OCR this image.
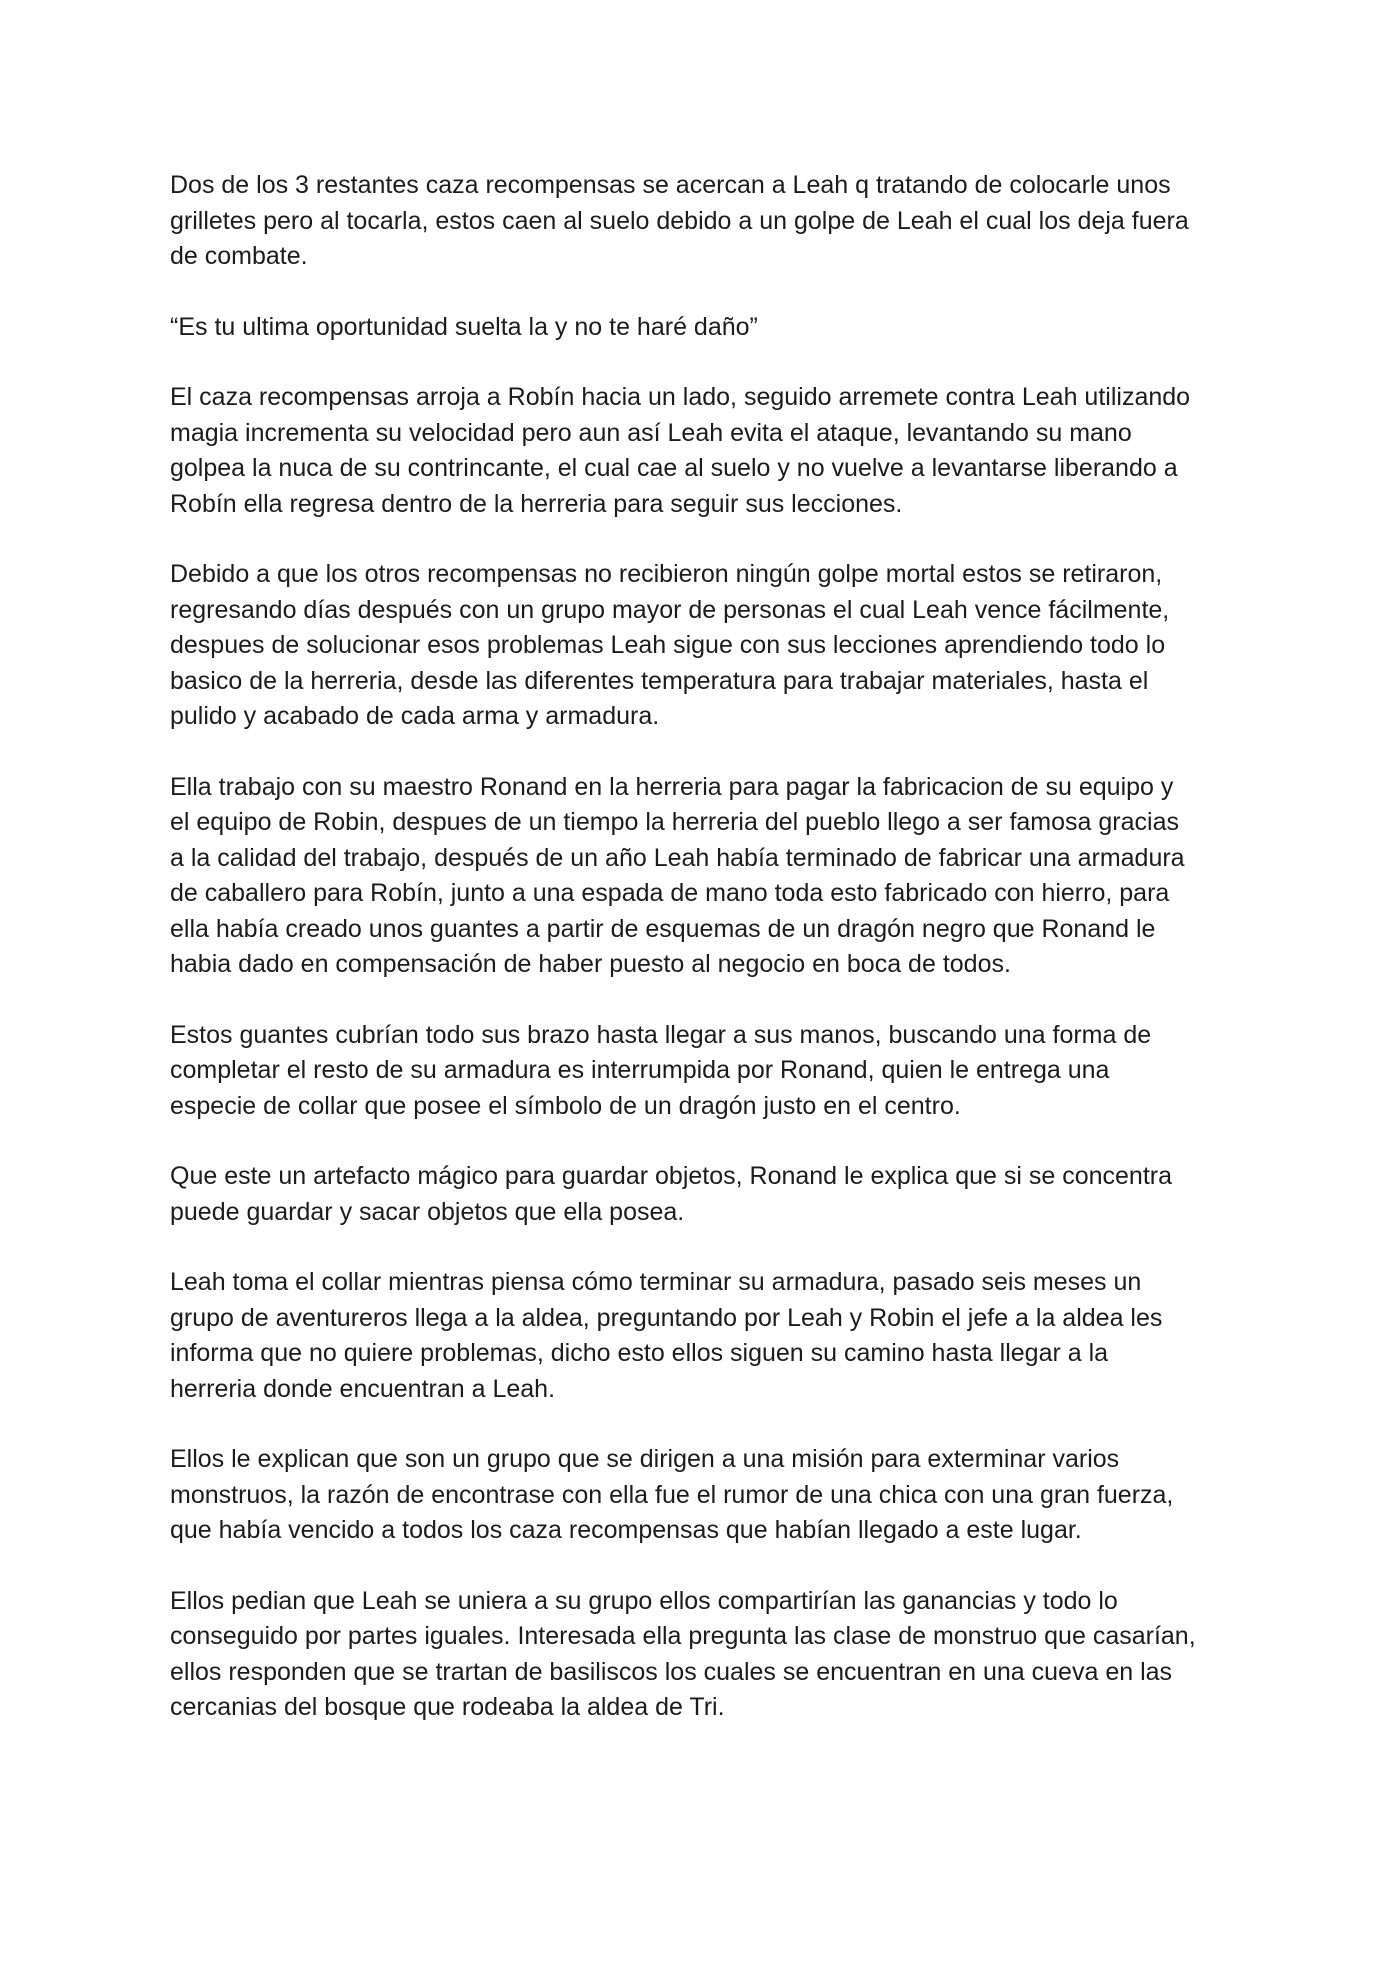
Dos de los 3 restantes caza recompensas se acercan a Leah q tratando de colocarle unos
grilletes pero al tocarla, estos caen al suelo debido a un golpe de Leah el cual los deja fuera
de combate.

“Es tu ultima oportunidad suelta la y no te haré daño”

El caza recompensas arroja a Robín hacia un lado, seguido arremete contra Leah utilizando
magia incrementa su velocidad pero aun así Leah evita el ataque, levantando su mano
golpea la nuca de su contrincante, el cual cae al suelo y no vuelve a levantarse liberando a
Robín ella regresa dentro de la herreria para seguir sus lecciones.

Debido a que los otros recompensas no recibieron ningún golpe mortal estos se retiraron,
regresando días después con un grupo mayor de personas el cual Leah vence fácilmente,
despues de solucionar esos problemas Leah sigue con sus lecciones aprendiendo todo lo
basico de la herreria, desde las diferentes temperatura para trabajar materiales, hasta el
pulido y acabado de cada arma y armadura.

Ella trabajo con su maestro Ronand en la herreria para pagar la fabricacion de su equipo y
el equipo de Robin, despues de un tiempo la herreria del pueblo llego a ser famosa gracias
a la calidad del trabajo, después de un año Leah había terminado de fabricar una armadura
de caballero para Robín, junto a una espada de mano toda esto fabricado con hierro, para
ella había creado unos guantes a partir de esquemas de un dragón negro que Ronand le
habia dado en compensación de haber puesto al negocio en boca de todos.

Estos guantes cubrían todo sus brazo hasta llegar a sus manos, buscando una forma de
completar el resto de su armadura es interrumpida por Ronand, quien le entrega una
especie de collar que posee el símbolo de un dragón justo en el centro.

Que este un artefacto mágico para guardar objetos, Ronand le explica que si se concentra
puede guardar y sacar objetos que ella posea.

Leah toma el collar mientras piensa cómo terminar su armadura, pasado seis meses un
grupo de aventureros llega a la aldea, preguntando por Leah y Robin el jefe a la aldea les
informa que no quiere problemas, dicho esto ellos siguen su camino hasta llegar a la
herreria donde encuentran a Leah.

Ellos le explican que son un grupo que se dirigen a una misión para exterminar varios
monstruos, la razón de encontrase con ella fue el rumor de una chica con una gran fuerza,
que había vencido a todos los caza recompensas que habían llegado a este lugar.

Ellos pedian que Leah se uniera a su grupo ellos compartirían las ganancias y todo lo
conseguido por partes iguales. Interesada ella pregunta las clase de monstruo que casarían,
ellos responden que se trartan de basiliscos los cuales se encuentran en una cueva en las
cercanias del bosque que rodeaba la aldea de Tri.
